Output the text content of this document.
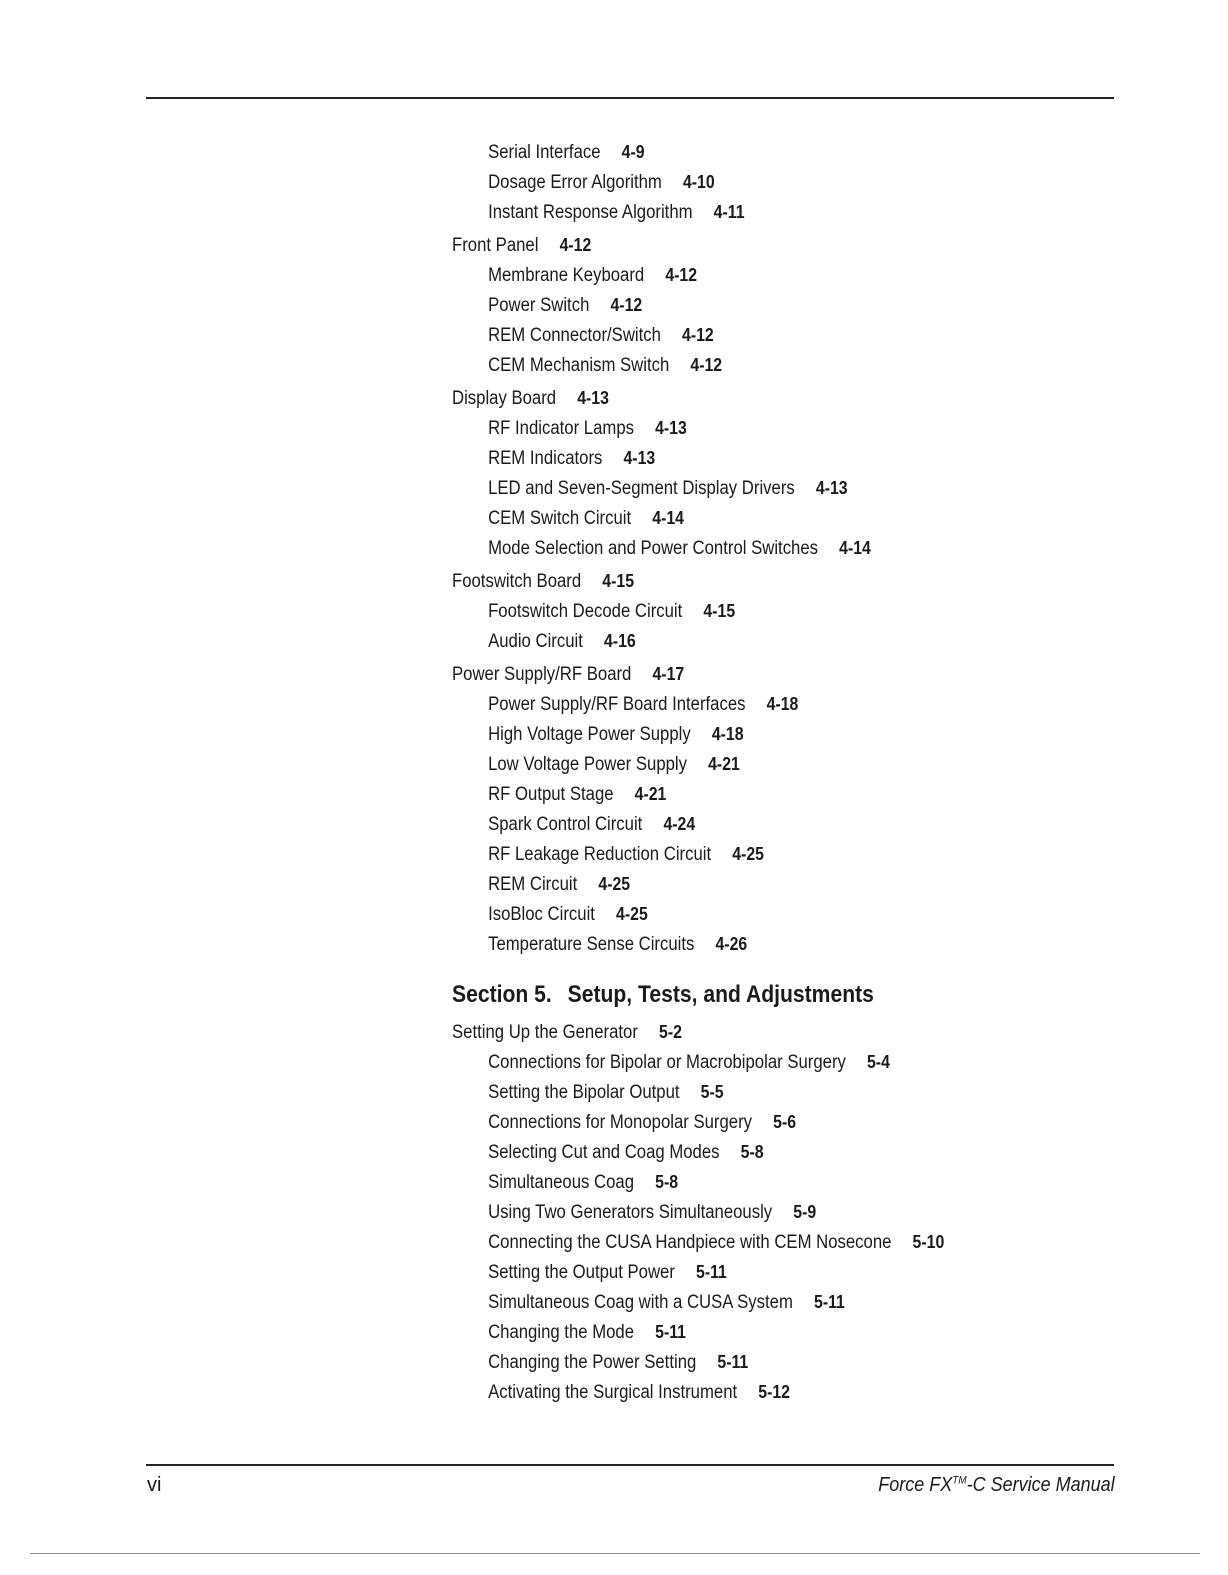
Serial Interface 4-9
Dosage Error Algorithm 4-10
Instant Response Algorithm 4-11
Front Panel 4-12
Membrane Keyboard 4-12
Power Switch 4-12
REM Connector/Switch 4-12
CEM Mechanism Switch 4-12
Display Board 4-13
RF Indicator Lamps 4-13
REM Indicators 4-13
LED and Seven-Segment Display Drivers 4-13
CEM Switch Circuit 4-14
Mode Selection and Power Control Switches 4-14
Footswitch Board 4-15
Footswitch Decode Circuit 4-15
Audio Circuit 4-16
Power Supply/RF Board 4-17
Power Supply/RF Board Interfaces 4-18
High Voltage Power Supply 4-18
Low Voltage Power Supply 4-21
RF Output Stage 4-21
Spark Control Circuit 4-24
RF Leakage Reduction Circuit 4-25
REM Circuit 4-25
IsoBloc Circuit 4-25
Temperature Sense Circuits 4-26
Section 5. Setup, Tests, and Adjustments
Setting Up the Generator 5-2
Connections for Bipolar or Macrobipolar Surgery 5-4
Setting the Bipolar Output 5-5
Connections for Monopolar Surgery 5-6
Selecting Cut and Coag Modes 5-8
Simultaneous Coag 5-8
Using Two Generators Simultaneously 5-9
Connecting the CUSA Handpiece with CEM Nosecone 5-10
Setting the Output Power 5-11
Simultaneous Coag with a CUSA System 5-11
Changing the Mode 5-11
Changing the Power Setting 5-11
Activating the Surgical Instrument 5-12
vi	Force FX™-C Service Manual
